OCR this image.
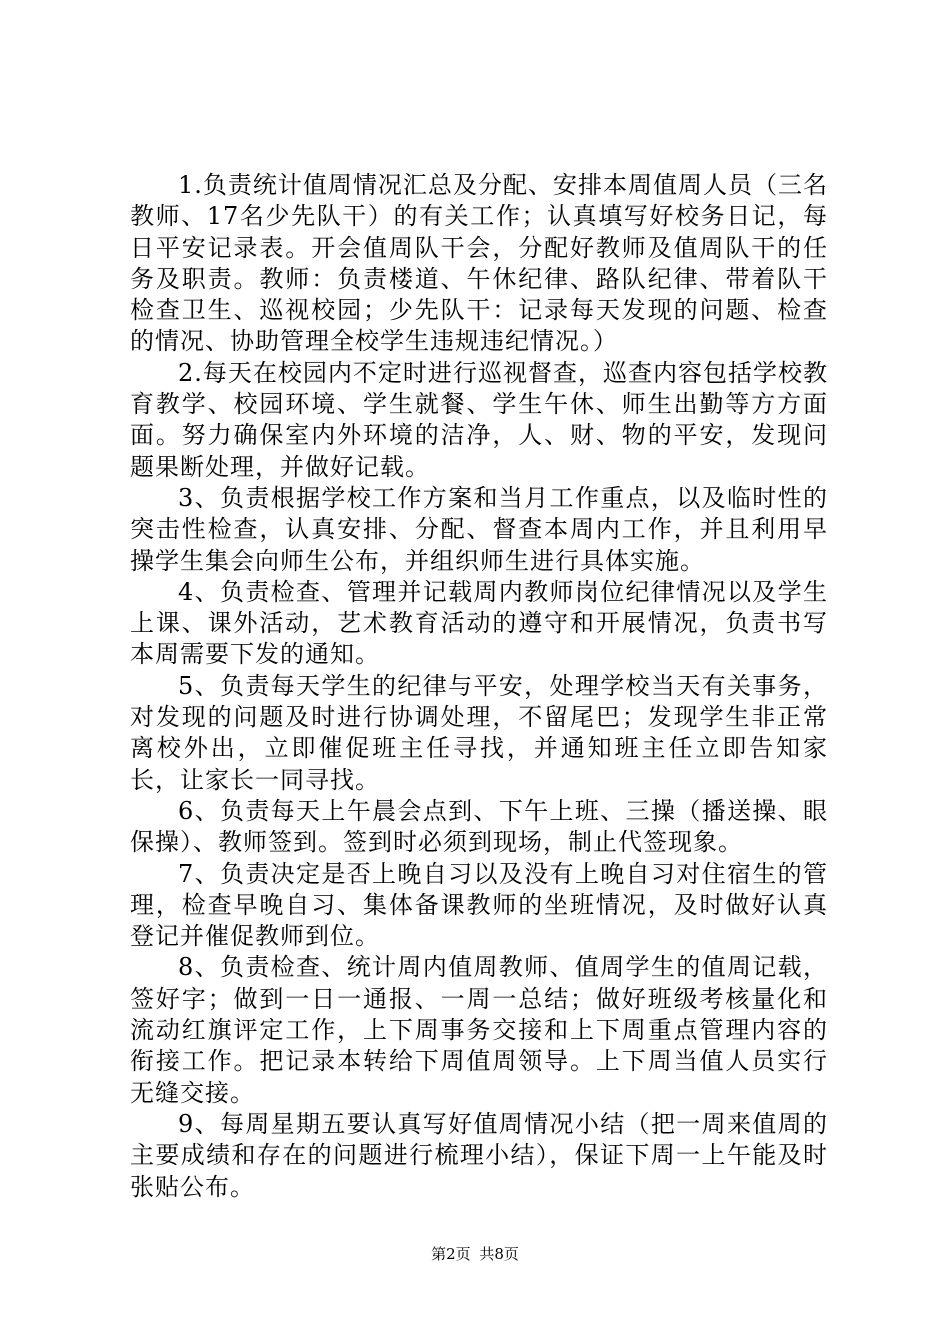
1.负责统计值周情况汇总及分配、安排本周值周人员（三名教师、17名少先队干）的有关工作；认真填写好校务日记，每日平安记录表。开会值周队干会，分配好教师及值周队干的任务及职责。教师：负责楼道、午休纪律、路队纪律、带着队干检查卫生、巡视校园；少先队干：记录每天发现的问题、检查的情况、协助管理全校学生违规违纪情况。）

2.每天在校园内不定时进行巡视督查，巡查内容包括学校教育教学、校园环境、学生就餐、学生午休、师生出勤等方方面面。努力确保室内外环境的洁净，人、财、物的平安，发现问题果断处理，并做好记载。

3、负责根据学校工作方案和当月工作重点，以及临时性的突击性检查，认真安排、分配、督查本周内工作，并且利用早操学生集会向师生公布，并组织师生进行具体实施。

4、负责检查、管理并记载周内教师岗位纪律情况以及学生上课、课外活动，艺术教育活动的遵守和开展情况，负责书写本周需要下发的通知。

5、负责每天学生的纪律与平安，处理学校当天有关事务，对发现的问题及时进行协调处理，不留尾巴；发现学生非正常离校外出，立即催促班主任寻找，并通知班主任立即告知家长，让家长一同寻找。

6、负责每天上午晨会点到、下午上班、三操（播送操、眼保操）、教师签到。签到时必须到现场，制止代签现象。

7、负责决定是否上晚自习以及没有上晚自习对住宿生的管理，检查早晚自习、集体备课教师的坐班情况，及时做好认真登记并催促教师到位。

8、负责检查、统计周内值周教师、值周学生的值周记载，签好字；做到一日一通报、一周一总结；做好班级考核量化和流动红旗评定工作，上下周事务交接和上下周重点管理内容的衔接工作。把记录本转给下周值周领导。上下周当值人员实行无缝交接。

9、每周星期五要认真写好值周情况小结（把一周来值周的主要成绩和存在的问题进行梳理小结），保证下周一上午能及时张贴公布。

第2页 共8页
